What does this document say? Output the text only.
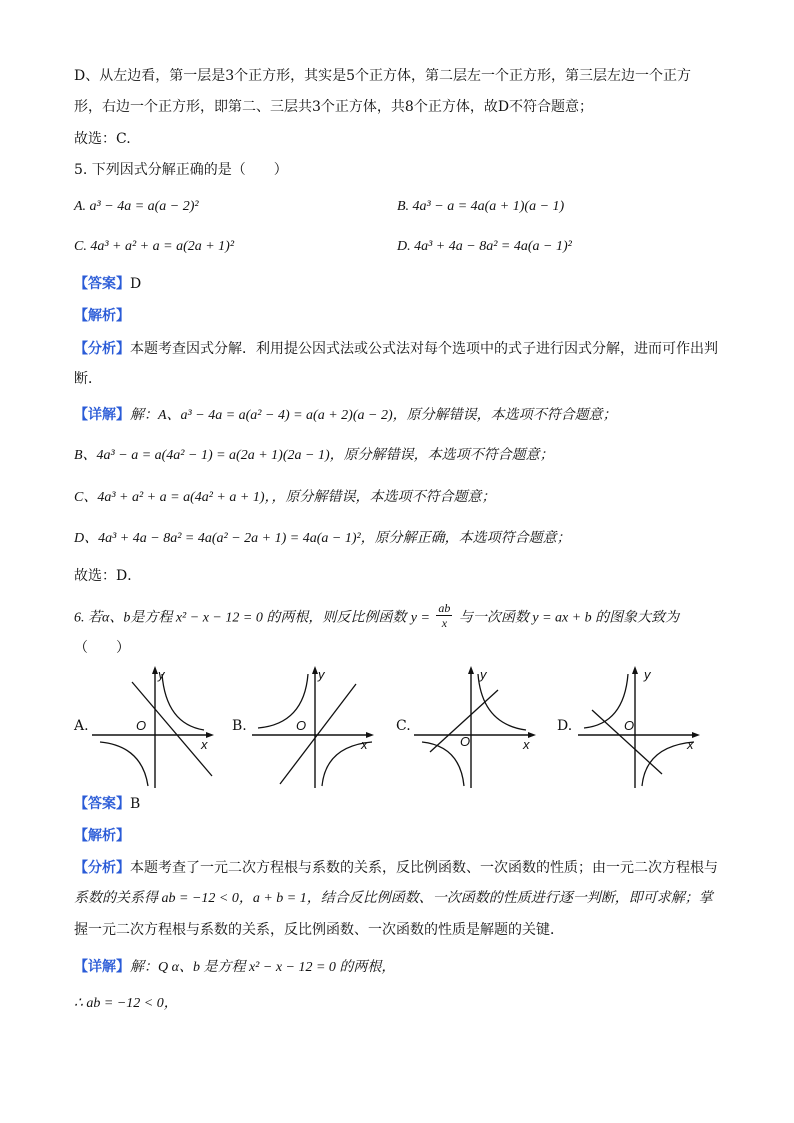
D、从左边看，第一层是3个正方形，其实是5个正方体，第二层左一个正方形，第三层左边一个正方
形，右边一个正方形，即第二、三层共3个正方体，共8个正方体，故D不符合题意；
故选：C.
5. 下列因式分解正确的是（　　）
A. a³ − 4a = a(a − 2)²	B. 4a³ − a = 4a(a + 1)(a − 1)
C. 4a³ + a² + a = a(2a + 1)²	D. 4a³ + 4a − 8a² = 4a(a − 1)²
【答案】D
【解析】
【分析】本题考查因式分解．利用提公因式法或公式法对每个选项中的式子进行因式分解，进而可作出判
断．
【详解】解：A、a³ − 4a = a(a² − 4) = a(a + 2)(a − 2)，原分解错误，本选项不符合题意；
B、4a³ − a = a(4a² − 1) = a(2a + 1)(2a − 1)，原分解错误，本选项不符合题意；
C、4a³ + a² + a = a(4a² + a + 1)，，原分解错误，本选项不符合题意；
D、4a³ + 4a − 8a² = 4a(a² − 2a + 1) = 4a(a − 1)²，原分解正确，本选项符合题意；
故选：D．
6. 若α、b是方程 x² − x − 12 = 0 的两根，则反比例函数 $y = \frac{ab}{x}$ 与一次函数 y = ax + b 的图象大致为
（　　）
A.	B.	C.	D.
y
O
x
y
O
x
y
O	x
y
O
x
【答案】B
【解析】
【分析】本题考查了一元二次方程根与系数的关系，反比例函数、一次函数的性质；由一元二次方程根与
系数的关系得 ab = −12 < 0，a + b = 1，结合反比例函数、一次函数的性质进行逐一判断，即可求解；掌
握一元二次方程根与系数的关系，反比例函数、一次函数的性质是解题的关键．
【详解】解：Q α、b 是方程 x² − x − 12 = 0 的两根，
∴ ab = −12 < 0，
